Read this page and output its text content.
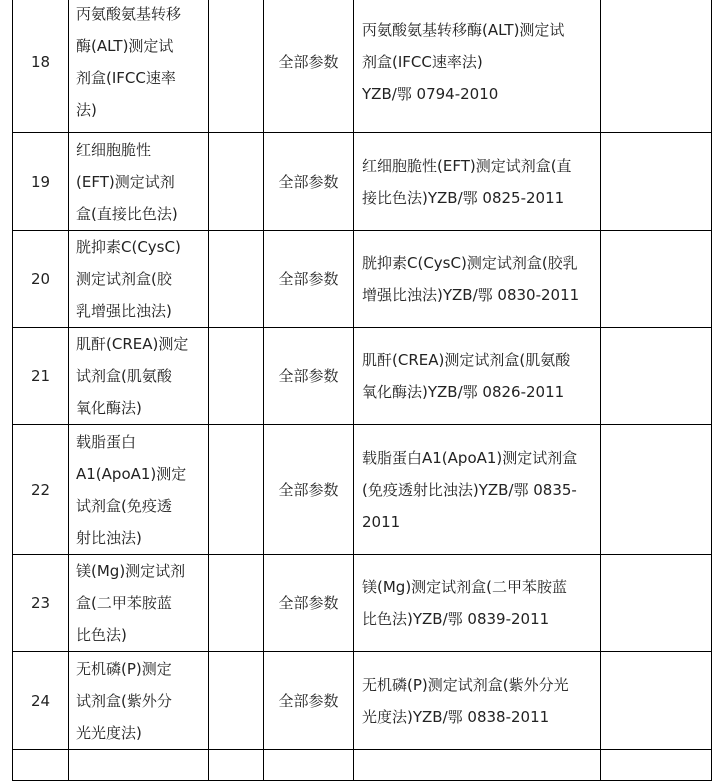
18	丙氨酸氨基转移
酶(ALT)测定试
剂盒(IFCC速率
法)		全部参数	丙氨酸氨基转移酶(ALT)测定试
剂盒(IFCC速率法)
YZB/鄂 0794-2010	
19	红细胞脆性
(EFT)测定试剂
盒(直接比色法)		全部参数	红细胞脆性(EFT)测定试剂盒(直
接比色法)YZB/鄂 0825-2011	
20	胱抑素C(CysC)
测定试剂盒(胶
乳增强比浊法)		全部参数	胱抑素C(CysC)测定试剂盒(胶乳
增强比浊法)YZB/鄂 0830-2011	
21	肌酐(CREA)测定
试剂盒(肌氨酸
氧化酶法)		全部参数	肌酐(CREA)测定试剂盒(肌氨酸
氧化酶法)YZB/鄂 0826-2011	
22	载脂蛋白
A1(ApoA1)测定
试剂盒(免疫透
射比浊法)		全部参数	载脂蛋白A1(ApoA1)测定试剂盒
(免疫透射比浊法)YZB/鄂 0835-
2011	
23	镁(Mg)测定试剂
盒(二甲苯胺蓝
比色法)		全部参数	镁(Mg)测定试剂盒(二甲苯胺蓝
比色法)YZB/鄂 0839-2011	
24	无机磷(P)测定
试剂盒(紫外分
光光度法)		全部参数	无机磷(P)测定试剂盒(紫外分光
光度法)YZB/鄂 0838-2011	
